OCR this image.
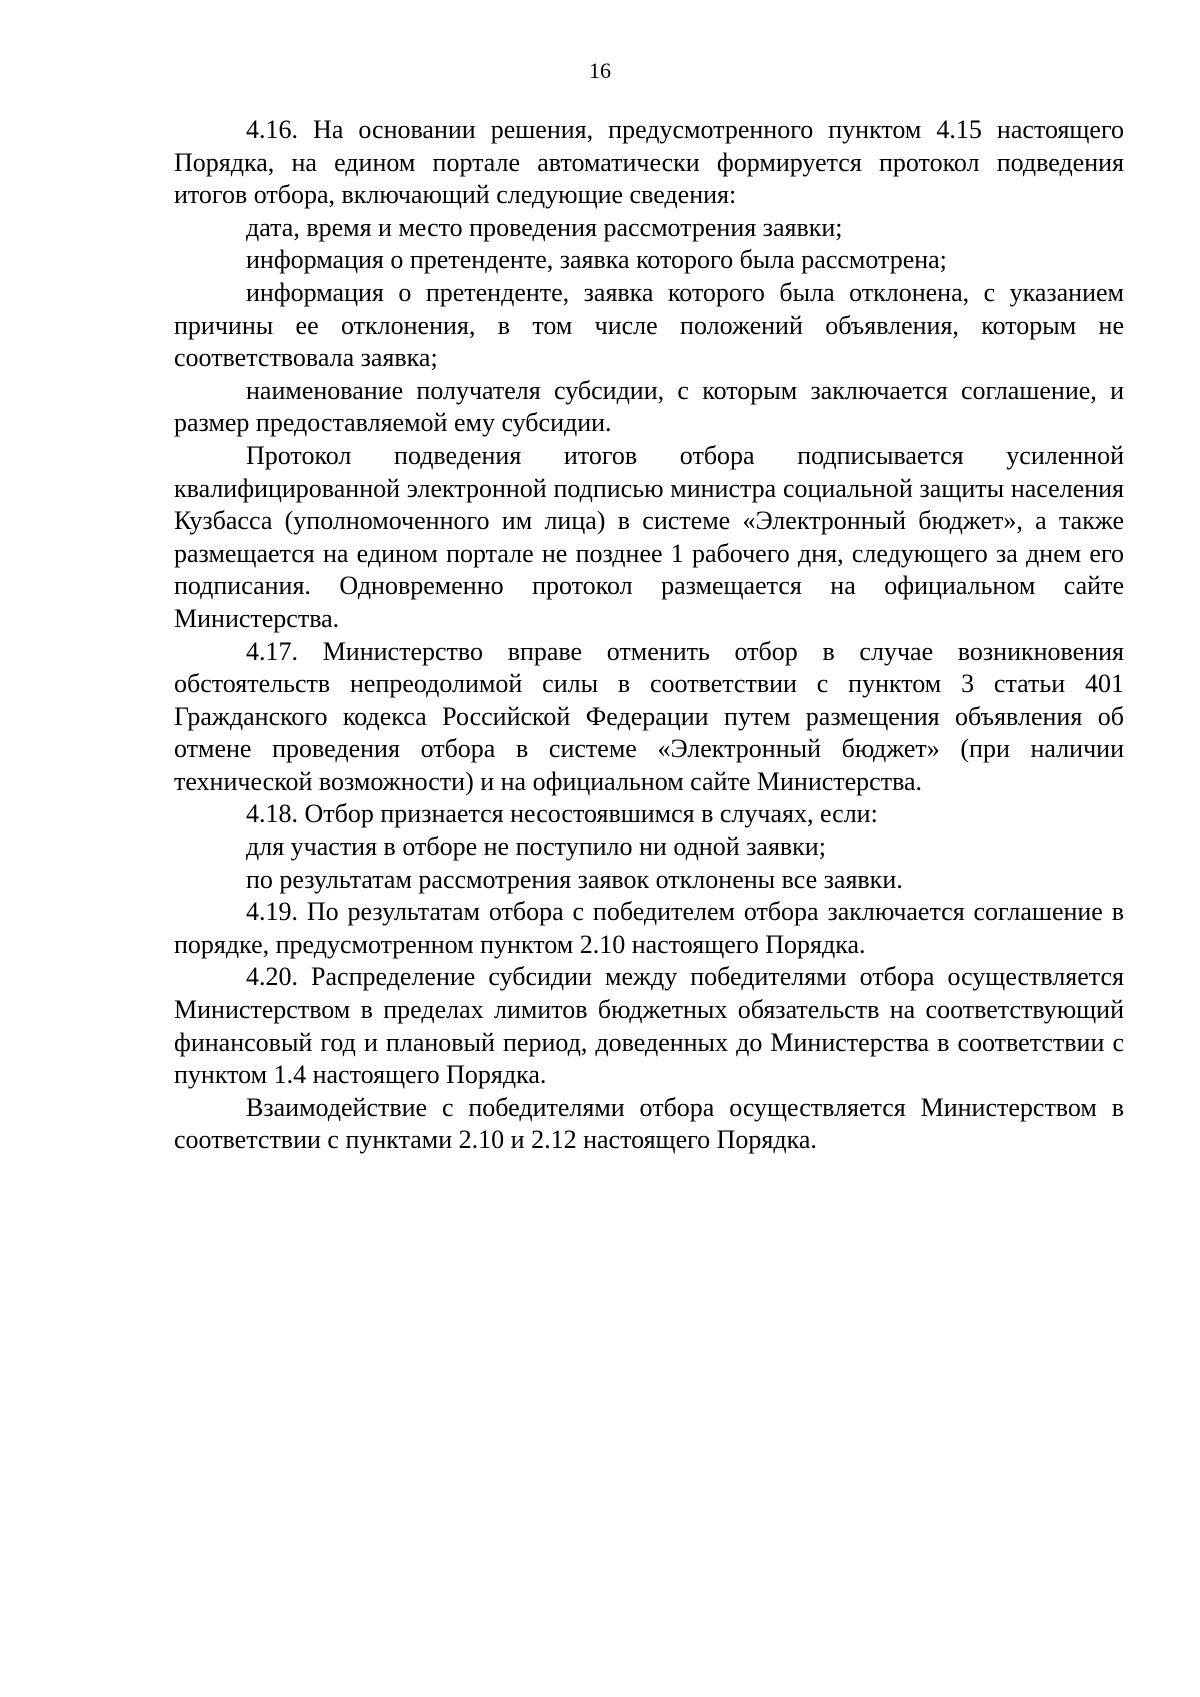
16

4.16. На основании решения, предусмотренного пунктом 4.15 настоящего Порядка, на едином портале автоматически формируется протокол подведения итогов отбора, включающий следующие сведения:

дата, время и место проведения рассмотрения заявки;

информация о претенденте, заявка которого была рассмотрена;

информация о претенденте, заявка которого была отклонена, с указанием причины ее отклонения, в том числе положений объявления, которым не соответствовала заявка;

наименование получателя субсидии, с которым заключается соглашение, и размер предоставляемой ему субсидии.

Протокол подведения итогов отбора подписывается усиленной квалифицированной электронной подписью министра социальной защиты населения Кузбасса (уполномоченного им лица) в системе «Электронный бюджет», а также размещается на едином портале не позднее 1 рабочего дня, следующего за днем его подписания. Одновременно протокол размещается на официальном сайте Министерства.

4.17. Министерство вправе отменить отбор в случае возникновения обстоятельств непреодолимой силы в соответствии с пунктом 3 статьи 401 Гражданского кодекса Российской Федерации путем размещения объявления об отмене проведения отбора в системе «Электронный бюджет» (при наличии технической возможности) и на официальном сайте Министерства.

4.18. Отбор признается несостоявшимся в случаях, если:

для участия в отборе не поступило ни одной заявки;

по результатам рассмотрения заявок отклонены все заявки.

4.19. По результатам отбора с победителем отбора заключается соглашение в порядке, предусмотренном пунктом 2.10 настоящего Порядка.

4.20. Распределение субсидии между победителями отбора осуществляется Министерством в пределах лимитов бюджетных обязательств на соответствующий финансовый год и плановый период, доведенных до Министерства в соответствии с пунктом 1.4 настоящего Порядка.

Взаимодействие с победителями отбора осуществляется Министерством в соответствии с пунктами 2.10 и 2.12 настоящего Порядка.
